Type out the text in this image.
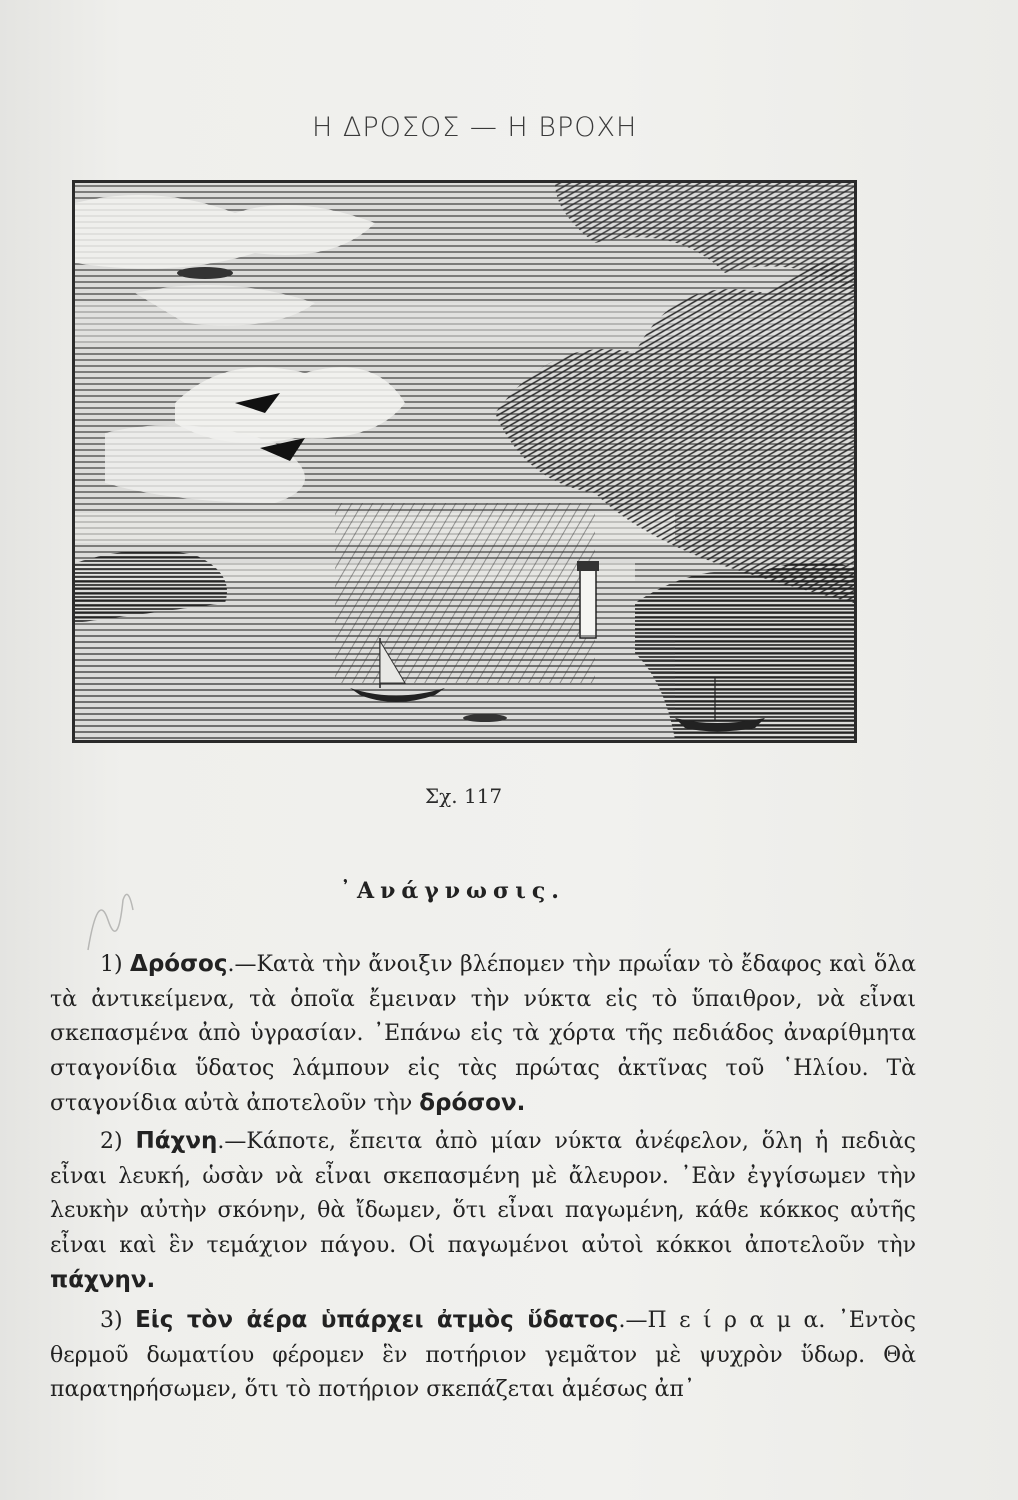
Η ΔΡΟΣΟΣ — Η ΒΡΟΧΗ
Σχ. 117
᾿Ανάγνωσις.
1) Δρόσος.—Κατὰ τὴν ἄνοιξιν βλέπομεν τὴν πρωΐαν τὸ ἔδαφος καὶ ὅλα τὰ ἀντικείμενα, τὰ ὁποῖα ἔμειναν τὴν νύκτα εἰς τὸ ὕπαιθρον, νὰ εἶναι σκεπασμένα ἀπὸ ὑγρασίαν. ᾿Επάνω εἰς τὰ χόρτα τῆς πεδιάδος ἀναρίθμητα σταγονίδια ὕδατος λάμπουν εἰς τὰς πρώτας ἀκτῖνας τοῦ ῾Ηλίου. Τὰ σταγονίδια αὐτὰ ἀποτελοῦν τὴν δρόσον.
2) Πάχνη.—Κάποτε, ἔπειτα ἀπὸ μίαν νύκτα ἀνέφελον, ὅλη ἡ πεδιὰς εἶναι λευκή, ὡσὰν νὰ εἶναι σκεπασμένη μὲ ἄλευρον. ᾿Εὰν ἐγγίσωμεν τὴν λευκὴν αὐτὴν σκόνην, θὰ ἴδωμεν, ὅτι εἶναι παγωμένη, κάθε κόκκος αὐτῆς εἶναι καὶ ἓν τεμάχιον πάγου. Οἱ παγωμένοι αὐτοὶ κόκκοι ἀποτελοῦν τὴν πάχνην.
3) Εἰς τὸν ἀέρα ὑπάρχει ἀτμὸς ὕδατος.—Π ε ί ρ α μ α. ᾿Εντὸς θερμοῦ δωματίου φέρομεν ἓν ποτήριον γεμᾶτον μὲ ψυχρὸν ὕδωρ. Θὰ παρατηρήσωμεν, ὅτι τὸ ποτήριον σκεπάζεται ἀμέσως ἀπ᾿
